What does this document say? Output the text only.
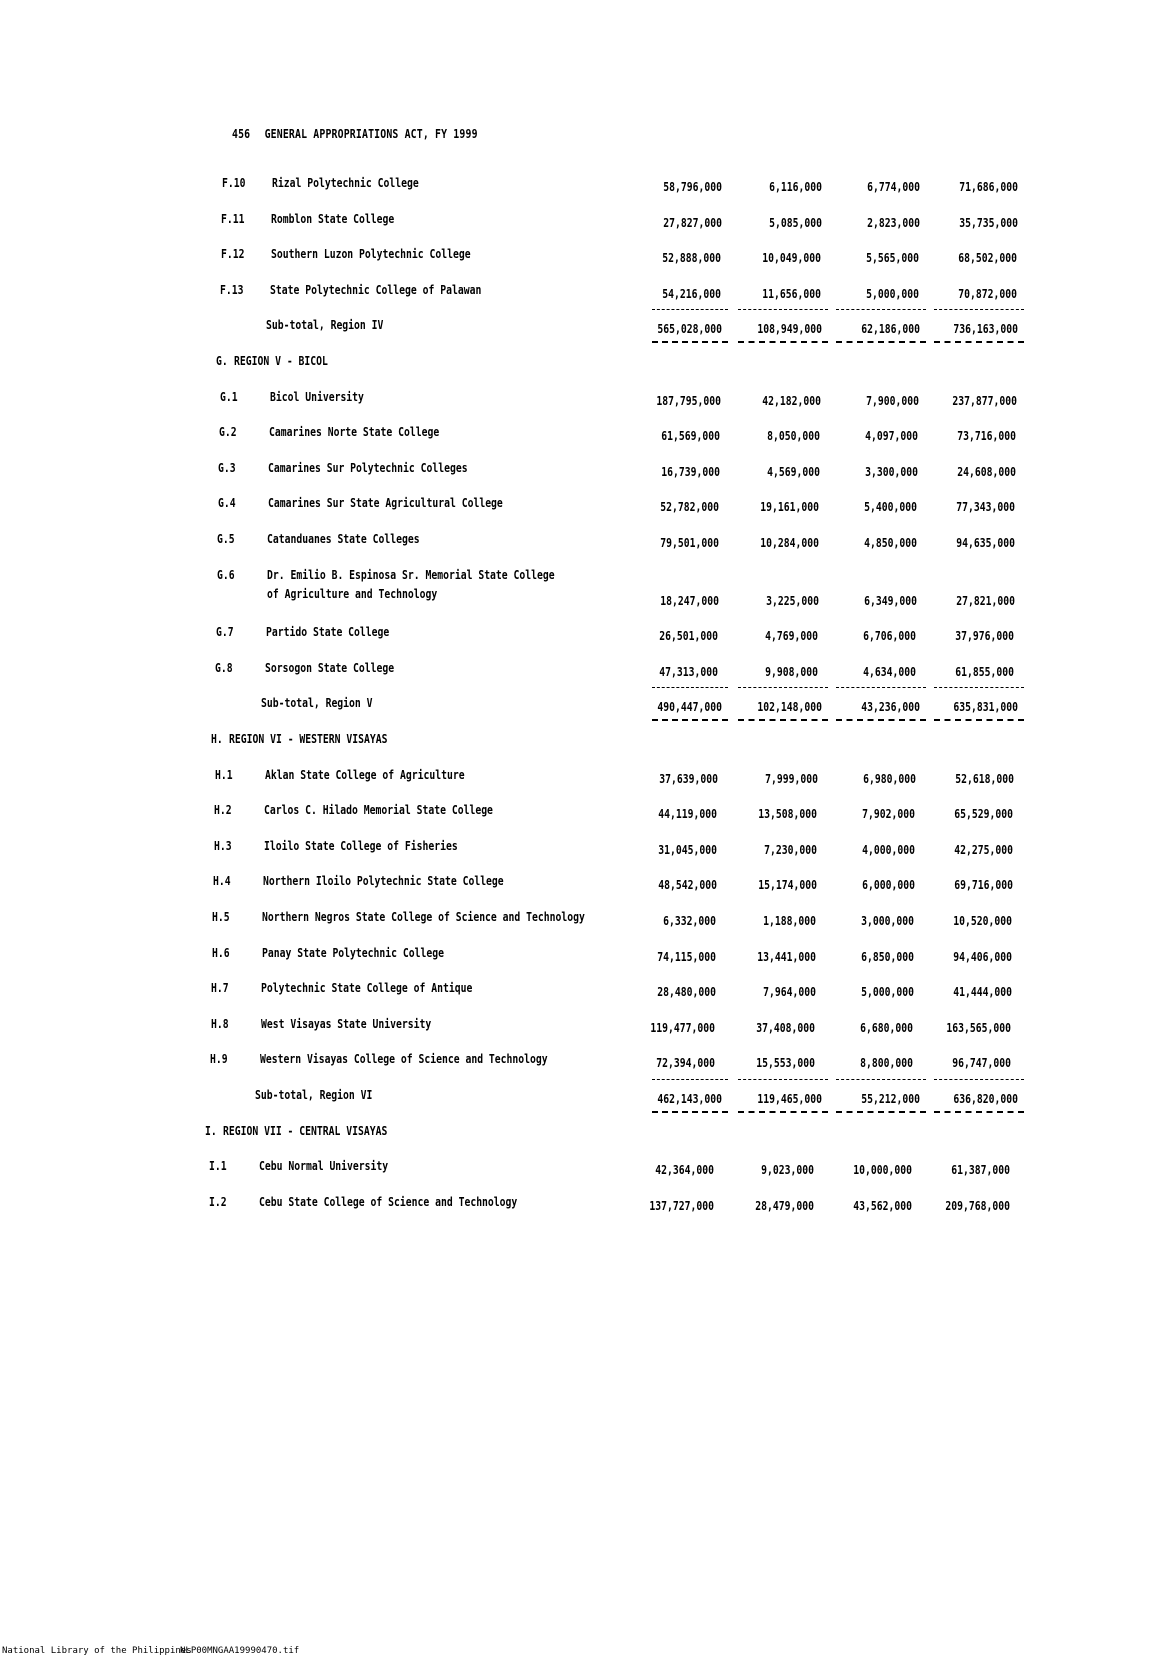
456 GENERAL APPROPRIATIONS ACT, FY 1999
F.10 Rizal Polytechnic College	58,796,000	6,116,000	6,774,000	71,686,000
F.11 Romblon State College	27,827,000	5,085,000	2,823,000	35,735,000
F.12 Southern Luzon Polytechnic College	52,888,000	10,049,000	5,565,000	68,502,000
F.13 State Polytechnic College of Palawan	54,216,000	11,656,000	5,000,000	70,872,000
Sub-total, Region IV	565,028,000	108,949,000	62,186,000	736,163,000
G. REGION V - BICOL
G.1	Bicol University	187,795,000	42,182,000	7,900,000	237,877,000
G.2	Camarines Norte State College	61,569,000	8,050,000	4,097,000	73,716,000
G.3	Camarines Sur Polytechnic Colleges	16,739,000	4,569,000	3,300,000	24,608,000
G.4	Camarines Sur State Agricultural College	52,782,000	19,161,000	5,400,000	77,343,000
G.5	Catanduanes State Colleges	79,501,000	10,284,000	4,850,000	94,635,000
G.6	Dr. Emilio B. Espinosa Sr. Memorial State College
of Agriculture and Technology	18,247,000	3,225,000	6,349,000	27,821,000
G.7	Partido State College	26,501,000	4,769,000	6,706,000	37,976,000
G.8	Sorsogon State College	47,313,000	9,908,000	4,634,000	61,855,000
Sub-total, Region V	490,447,000	102,148,000	43,236,000	635,831,000
H. REGION VI - WESTERN VISAYAS
H.1	Aklan State College of Agriculture	37,639,000	7,999,000	6,980,000	52,618,000
H.2	Carlos C. Hilado Memorial State College	44,119,000	13,508,000	7,902,000	65,529,000
H.3	Iloilo State College of Fisheries	31,045,000	7,230,000	4,000,000	42,275,000
H.4	Northern Iloilo Polytechnic State College	48,542,000	15,174,000	6,000,000	69,716,000
H.5	Northern Negros State College of Science and Technology	6,332,000	1,188,000	3,000,000	10,520,000
H.6	Panay State Polytechnic College	74,115,000	13,441,000	6,850,000	94,406,000
H.7	Polytechnic State College of Antique	28,480,000	7,964,000	5,000,000	41,444,000
H.8	West Visayas State University	119,477,000	37,408,000	6,680,000	163,565,000
H.9	Western Visayas College of Science and Technology	72,394,000	15,553,000	8,800,000	96,747,000
Sub-total, Region VI	462,143,000	119,465,000	55,212,000	636,820,000
I. REGION VII - CENTRAL VISAYAS
I.1	Cebu Normal University	42,364,000	9,023,000	10,000,000	61,387,000
I.2	Cebu State College of Science and Technology	137,727,000	28,479,000	43,562,000	209,768,000
National Library of the Philippines
NLP00MNGAA19990470.tif
